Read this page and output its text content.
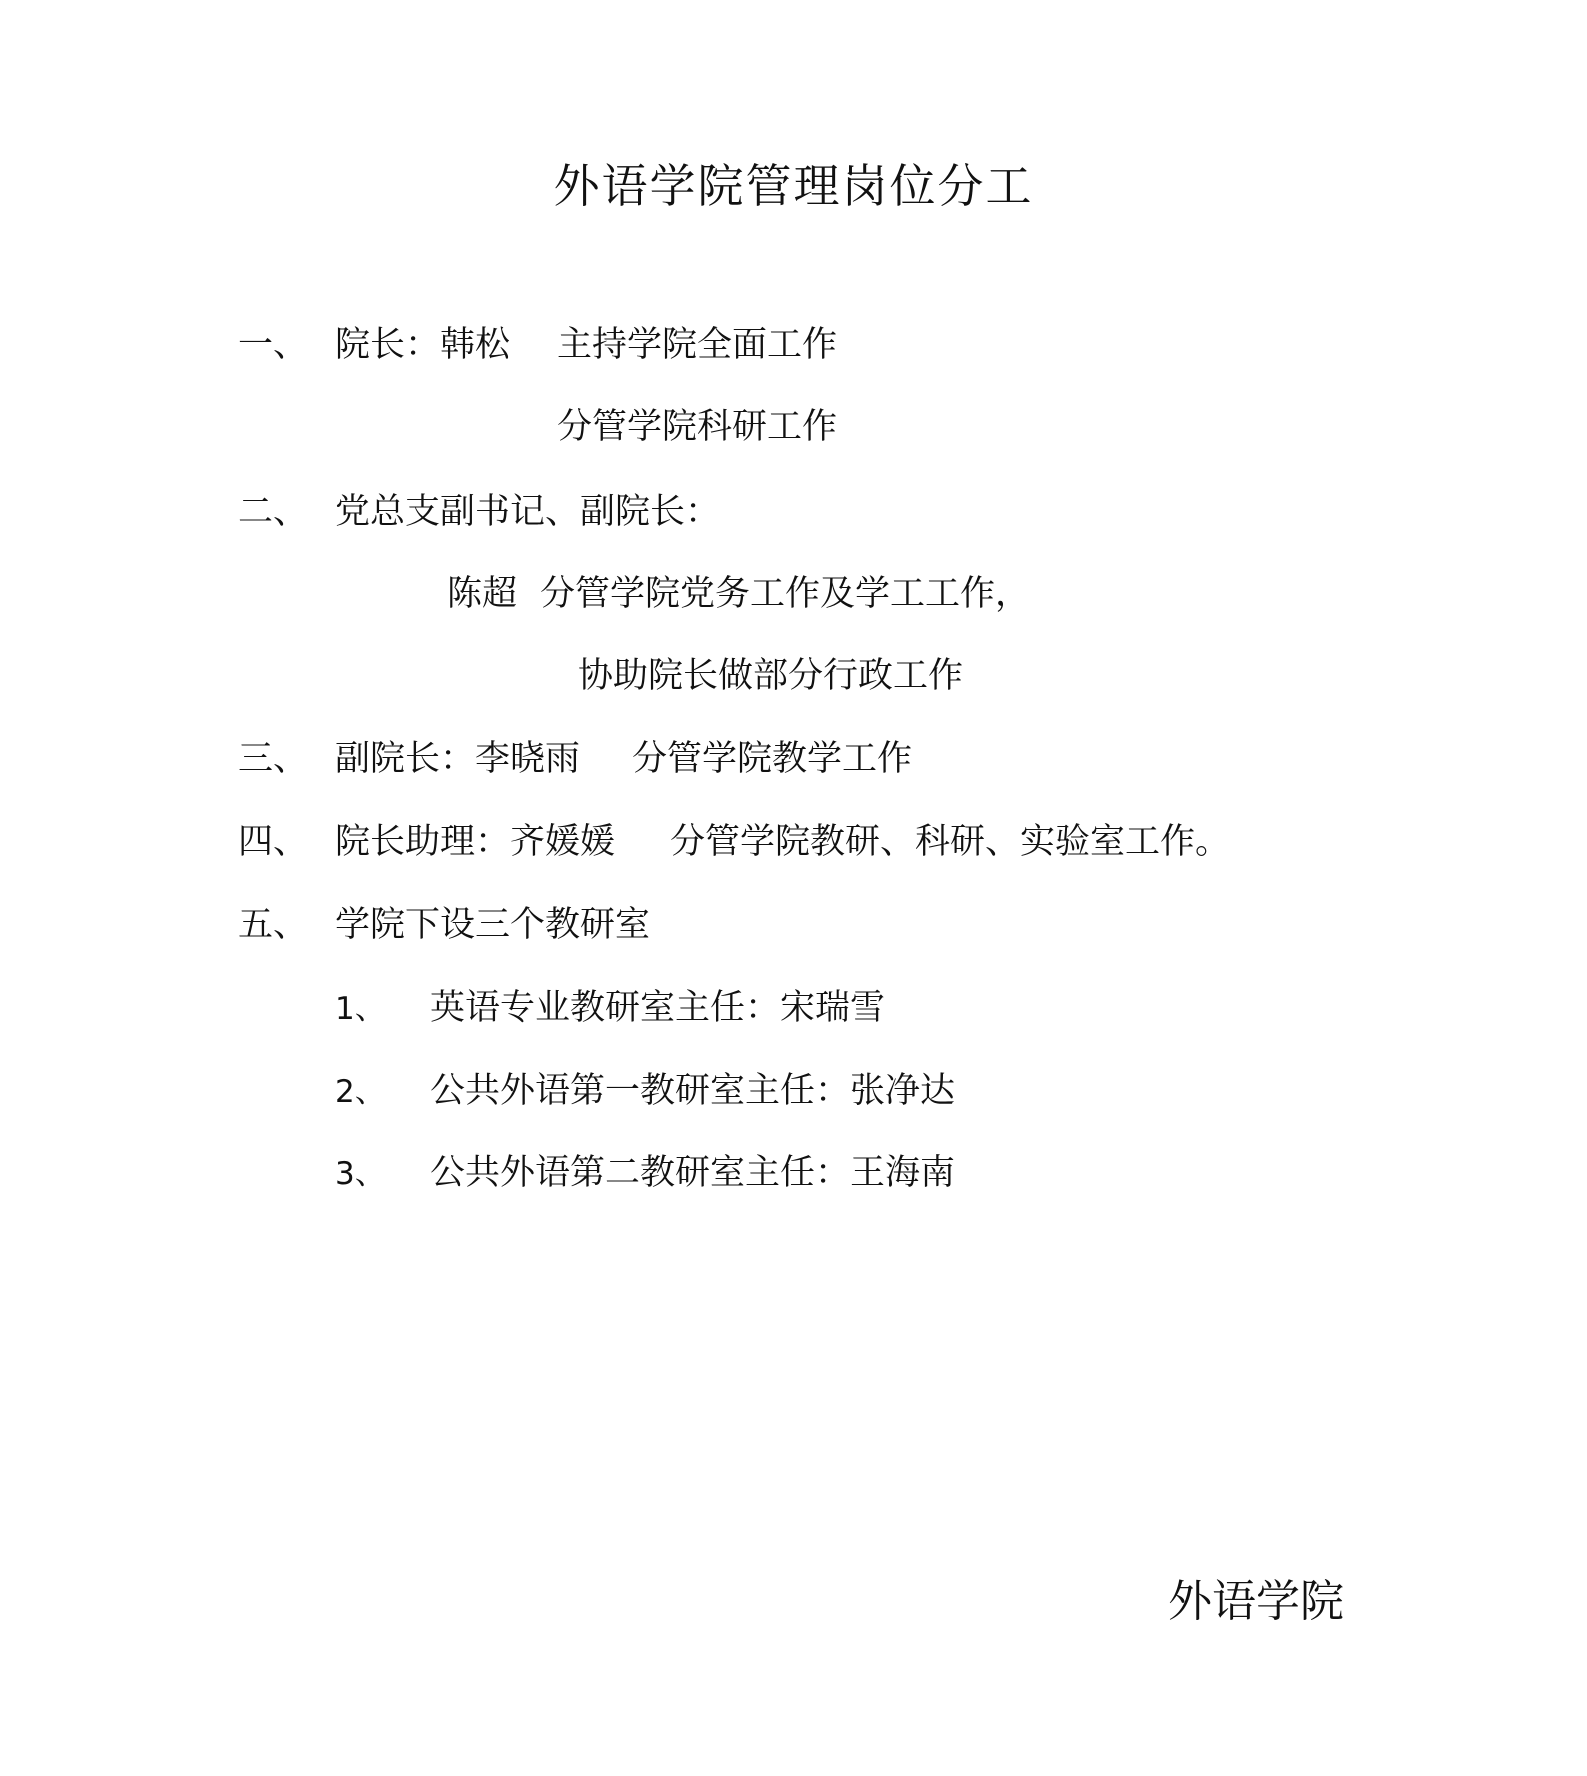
外语学院管理岗位分工
一、 院长：韩松 主持学院全面工作
分管学院科研工作
二、 党总支副书记、副院长：
陈超 分管学院党务工作及学工工作，
协助院长做部分行政工作
三、 副院长：李晓雨 分管学院教学工作
四、 院长助理：齐媛媛 分管学院教研、科研、实验室工作。
五、 学院下设三个教研室
1、 英语专业教研室主任：宋瑞雪
2、 公共外语第一教研室主任：张净达
3、 公共外语第二教研室主任：王海南
外语学院
